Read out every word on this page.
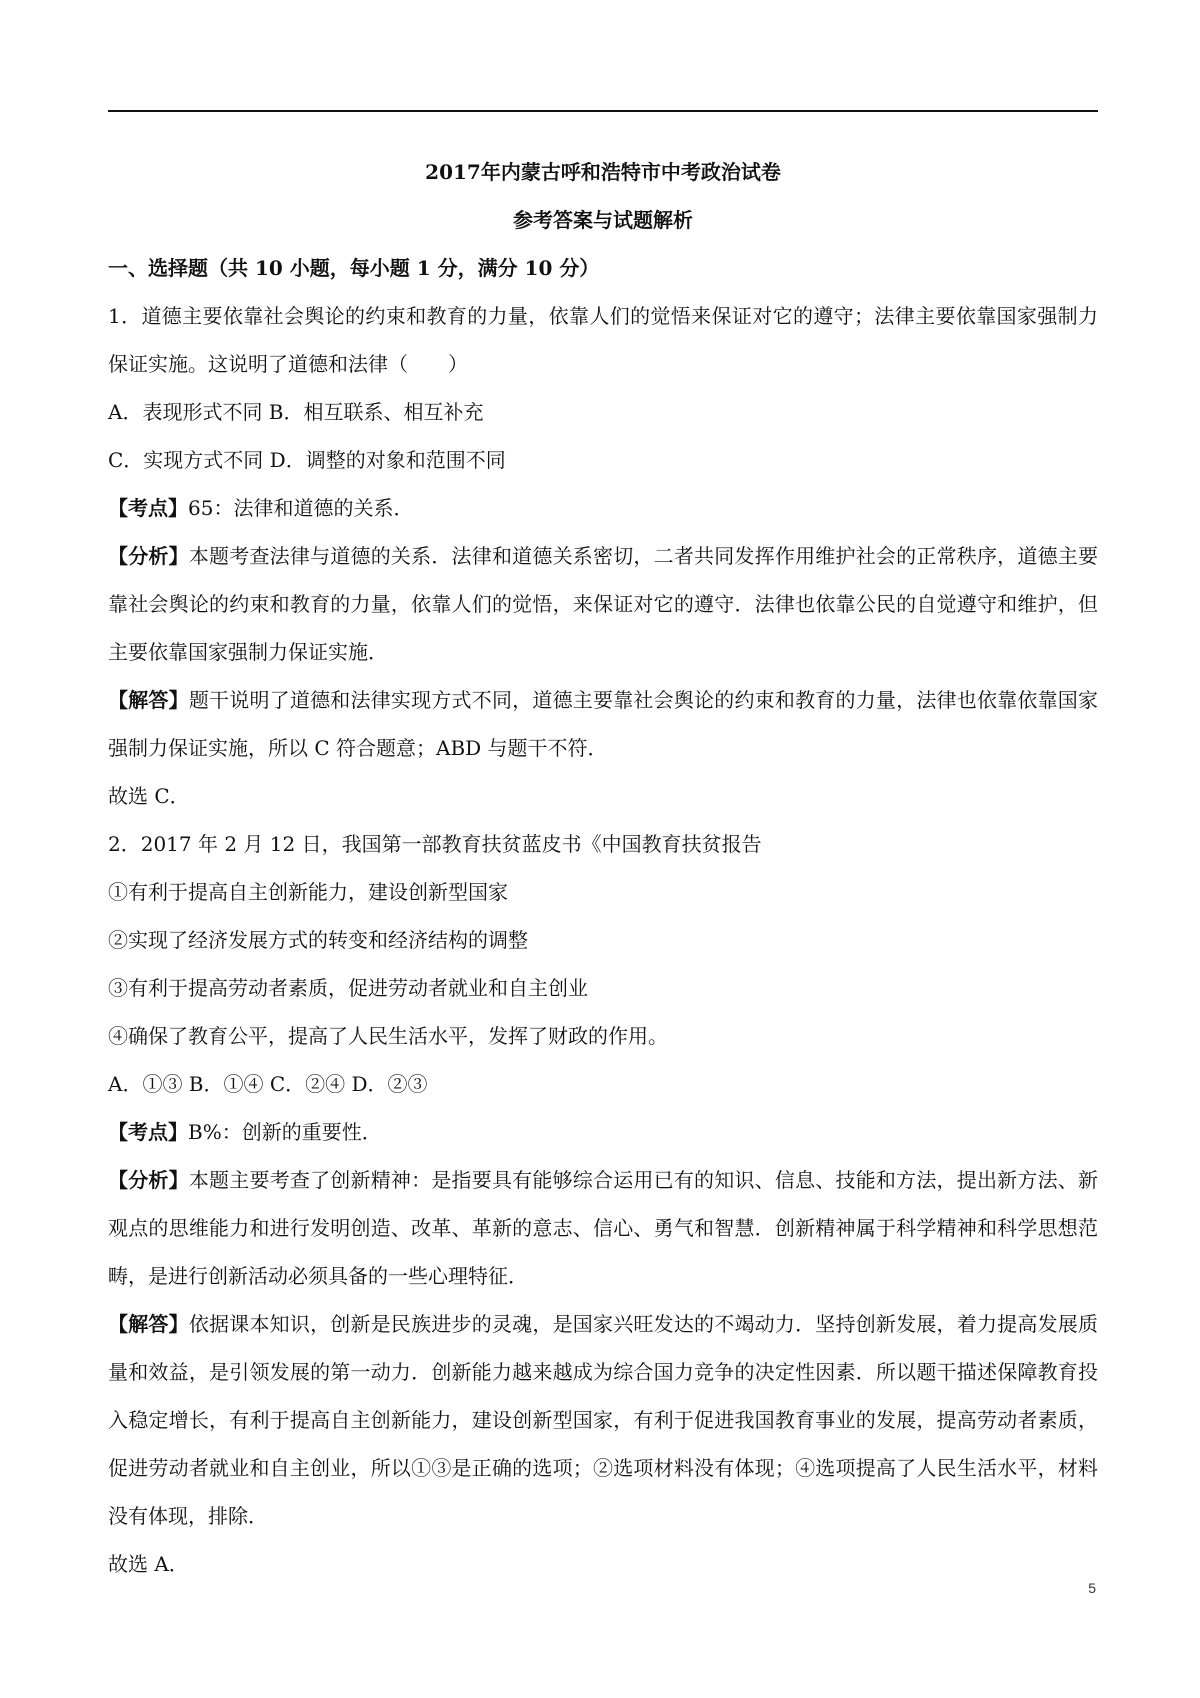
2017年内蒙古呼和浩特市中考政治试卷

参考答案与试题解析

一、选择题（共 10 小题，每小题 1 分，满分 10 分）

1．道德主要依靠社会舆论的约束和教育的力量，依靠人们的觉悟来保证对它的遵守；法律主要依靠国家强制力保证实施。这说明了道德和法律（　　）

A．表现形式不同 B．相互联系、相互补充

C．实现方式不同 D．调整的对象和范围不同

【考点】65：法律和道德的关系．

【分析】本题考查法律与道德的关系．法律和道德关系密切，二者共同发挥作用维护社会的正常秩序，道德主要靠社会舆论的约束和教育的力量，依靠人们的觉悟，来保证对它的遵守．法律也依靠公民的自觉遵守和维护，但主要依靠国家强制力保证实施．

【解答】题干说明了道德和法律实现方式不同，道德主要靠社会舆论的约束和教育的力量，法律也依靠依靠国家强制力保证实施，所以 C 符合题意；ABD 与题干不符．

故选 C．

2．2017 年 2 月 12 日，我国第一部教育扶贫蓝皮书《中国教育扶贫报告

①有利于提高自主创新能力，建设创新型国家

②实现了经济发展方式的转变和经济结构的调整

③有利于提高劳动者素质，促进劳动者就业和自主创业

④确保了教育公平，提高了人民生活水平，发挥了财政的作用。

A．①③ B．①④ C．②④ D．②③

【考点】B%：创新的重要性．

【分析】本题主要考查了创新精神：是指要具有能够综合运用已有的知识、信息、技能和方法，提出新方法、新观点的思维能力和进行发明创造、改革、革新的意志、信心、勇气和智慧．创新精神属于科学精神和科学思想范畴，是进行创新活动必须具备的一些心理特征．

【解答】依据课本知识，创新是民族进步的灵魂，是国家兴旺发达的不竭动力．坚持创新发展，着力提高发展质量和效益，是引领发展的第一动力．创新能力越来越成为综合国力竞争的决定性因素．所以题干描述保障教育投入稳定增长，有利于提高自主创新能力，建设创新型国家，有利于促进我国教育事业的发展，提高劳动者素质，促进劳动者就业和自主创业，所以①③是正确的选项；②选项材料没有体现；④选项提高了人民生活水平，材料没有体现，排除．

故选 A．

5
